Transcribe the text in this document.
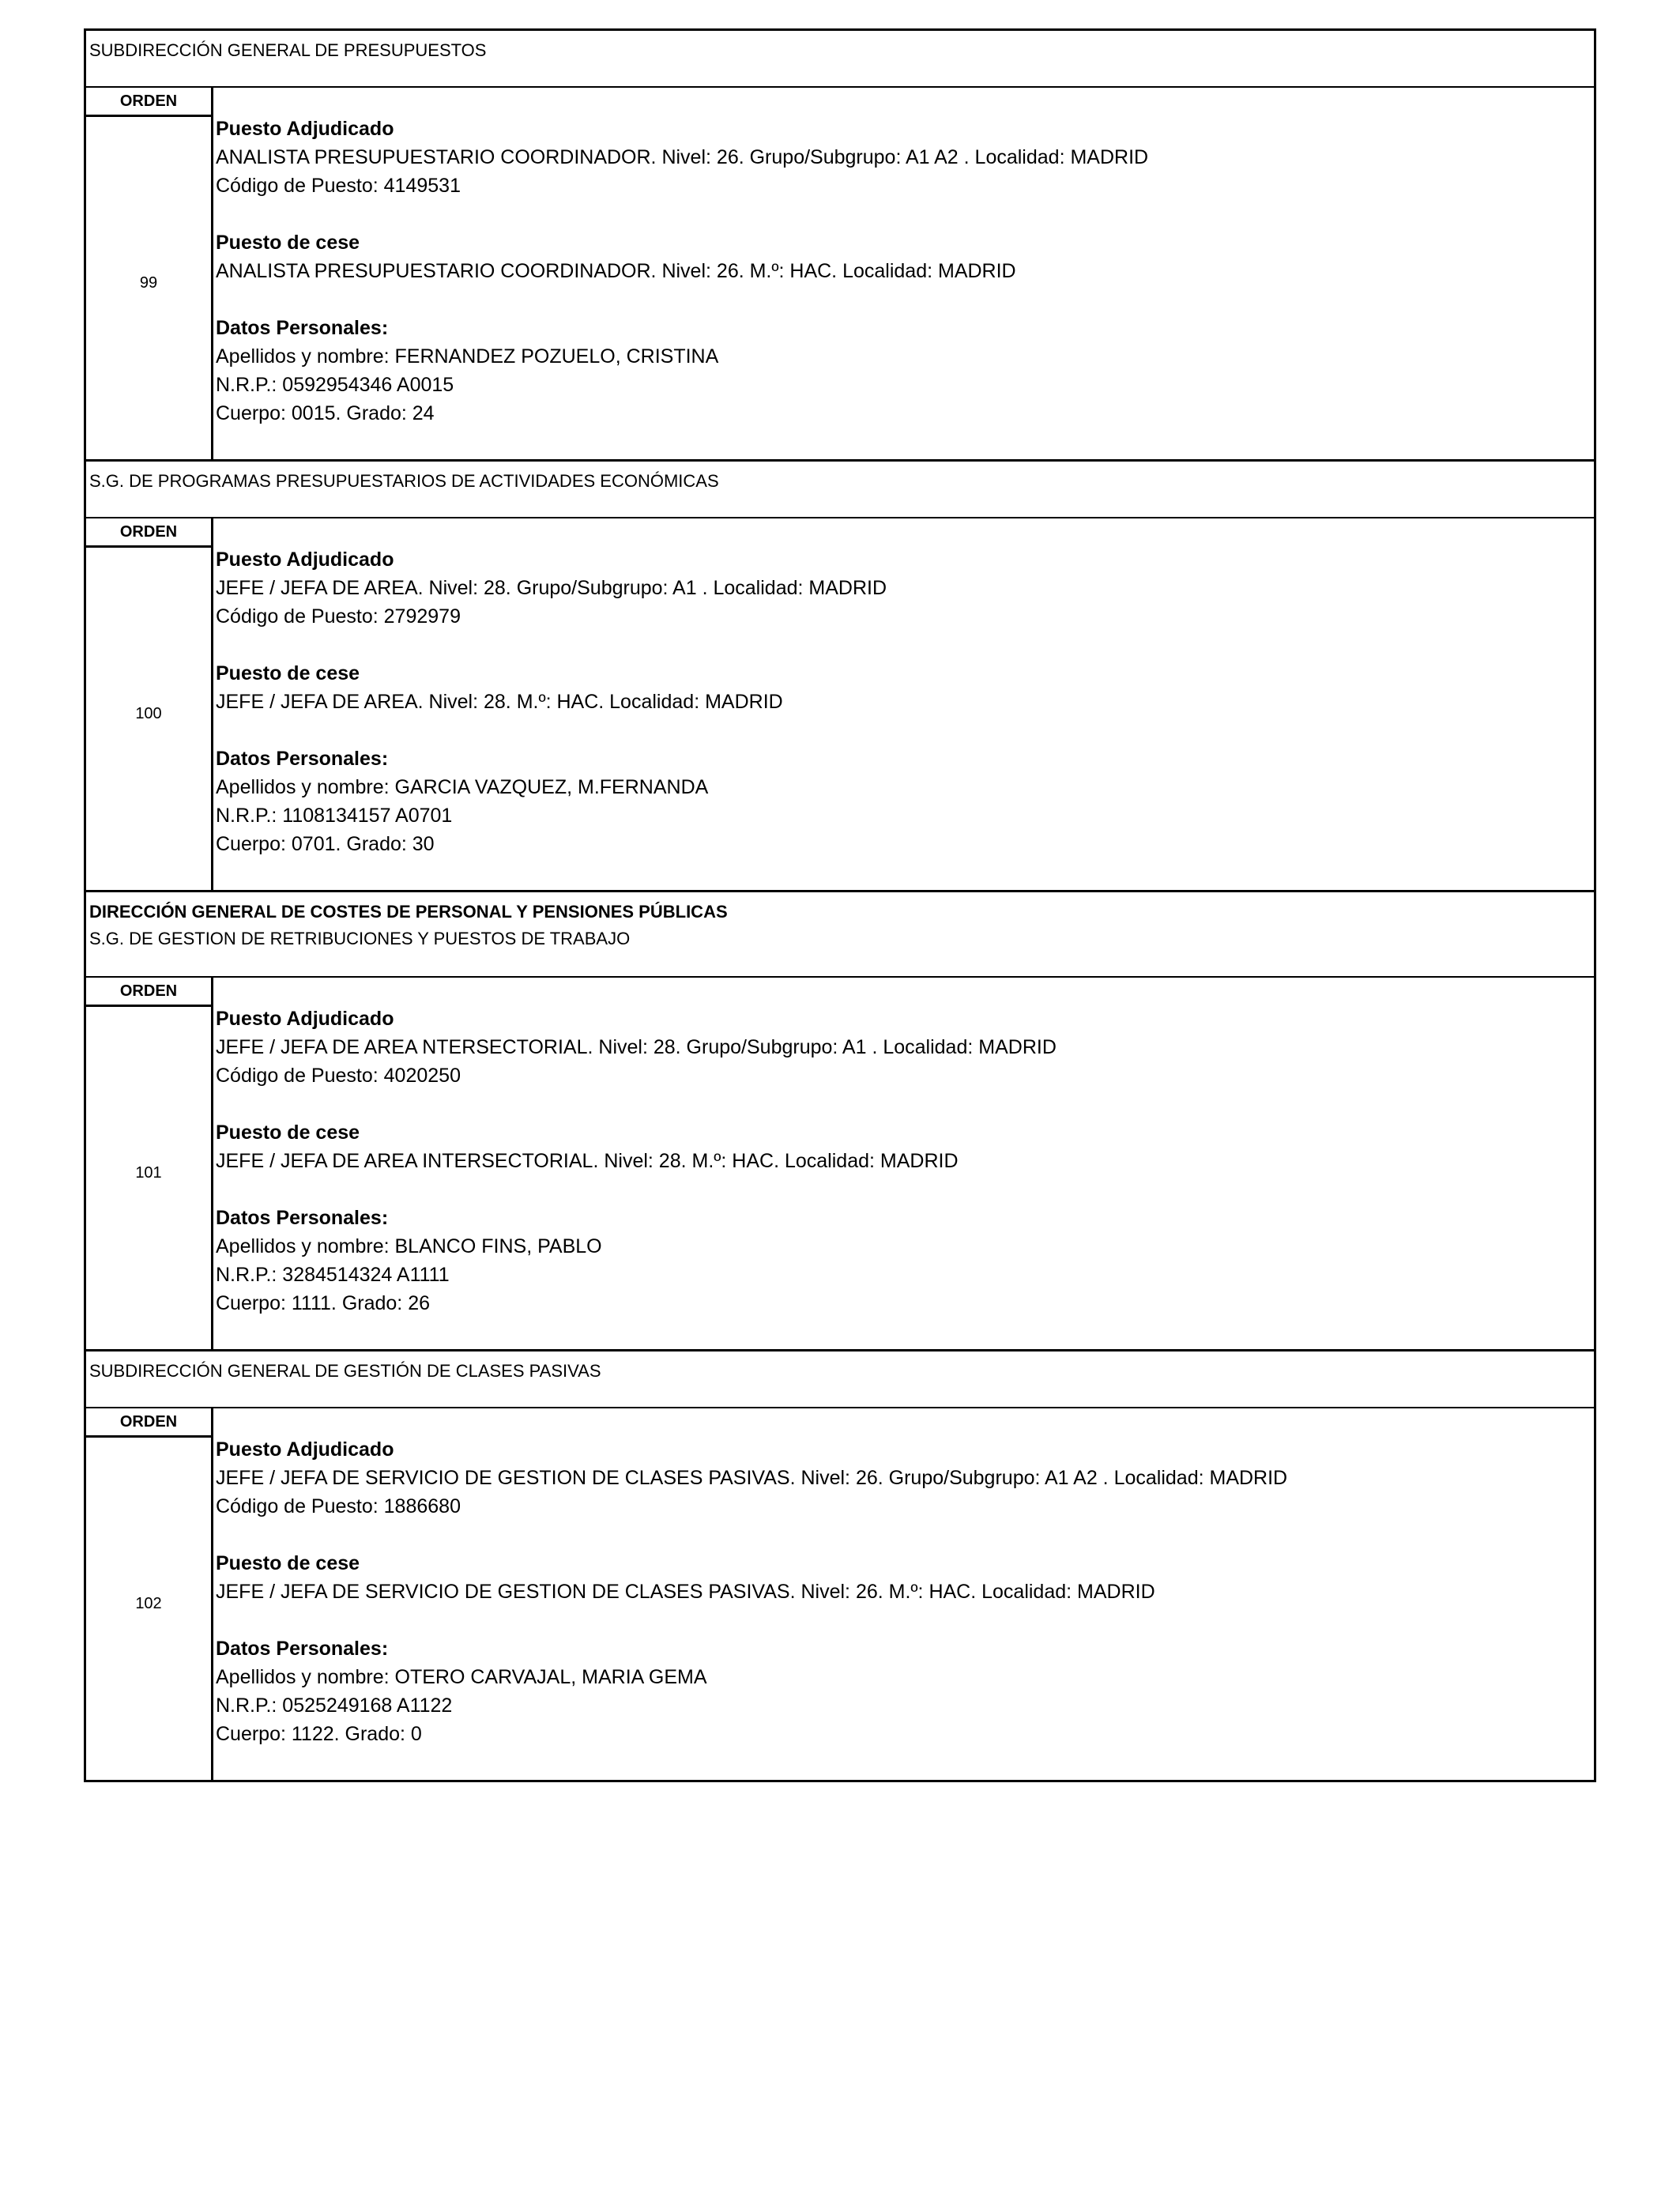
SUBDIRECCIÓN GENERAL DE PRESUPUESTOS
ORDEN
99
Puesto Adjudicado
ANALISTA PRESUPUESTARIO COORDINADOR. Nivel: 26. Grupo/Subgrupo: A1 A2 . Localidad: MADRID
Código de Puesto: 4149531
Puesto de cese
ANALISTA PRESUPUESTARIO COORDINADOR. Nivel: 26. M.º: HAC. Localidad: MADRID
Datos Personales:
Apellidos y nombre: FERNANDEZ POZUELO, CRISTINA
N.R.P.: 0592954346 A0015
Cuerpo: 0015. Grado: 24
S.G. DE PROGRAMAS PRESUPUESTARIOS DE ACTIVIDADES ECONÓMICAS
ORDEN
100
Puesto Adjudicado
JEFE / JEFA DE AREA. Nivel: 28. Grupo/Subgrupo: A1 . Localidad: MADRID
Código de Puesto: 2792979
Puesto de cese
JEFE / JEFA DE AREA. Nivel: 28. M.º: HAC. Localidad: MADRID
Datos Personales:
Apellidos y nombre: GARCIA VAZQUEZ, M.FERNANDA
N.R.P.: 1108134157 A0701
Cuerpo: 0701. Grado: 30
DIRECCIÓN GENERAL DE COSTES DE PERSONAL Y PENSIONES PÚBLICAS
S.G. DE GESTION DE RETRIBUCIONES Y PUESTOS DE TRABAJO
ORDEN
101
Puesto Adjudicado
JEFE / JEFA DE AREA NTERSECTORIAL. Nivel: 28. Grupo/Subgrupo: A1 . Localidad: MADRID
Código de Puesto: 4020250
Puesto de cese
JEFE / JEFA DE AREA INTERSECTORIAL. Nivel: 28. M.º: HAC. Localidad: MADRID
Datos Personales:
Apellidos y nombre: BLANCO FINS, PABLO
N.R.P.: 3284514324 A1111
Cuerpo: 1111. Grado: 26
SUBDIRECCIÓN GENERAL DE GESTIÓN DE CLASES PASIVAS
ORDEN
102
Puesto Adjudicado
JEFE / JEFA DE SERVICIO DE GESTION DE CLASES PASIVAS. Nivel: 26. Grupo/Subgrupo: A1 A2 . Localidad: MADRID
Código de Puesto: 1886680
Puesto de cese
JEFE / JEFA DE SERVICIO DE GESTION DE CLASES PASIVAS. Nivel: 26. M.º: HAC. Localidad: MADRID
Datos Personales:
Apellidos y nombre: OTERO CARVAJAL, MARIA GEMA
N.R.P.: 0525249168 A1122
Cuerpo: 1122. Grado: 0
